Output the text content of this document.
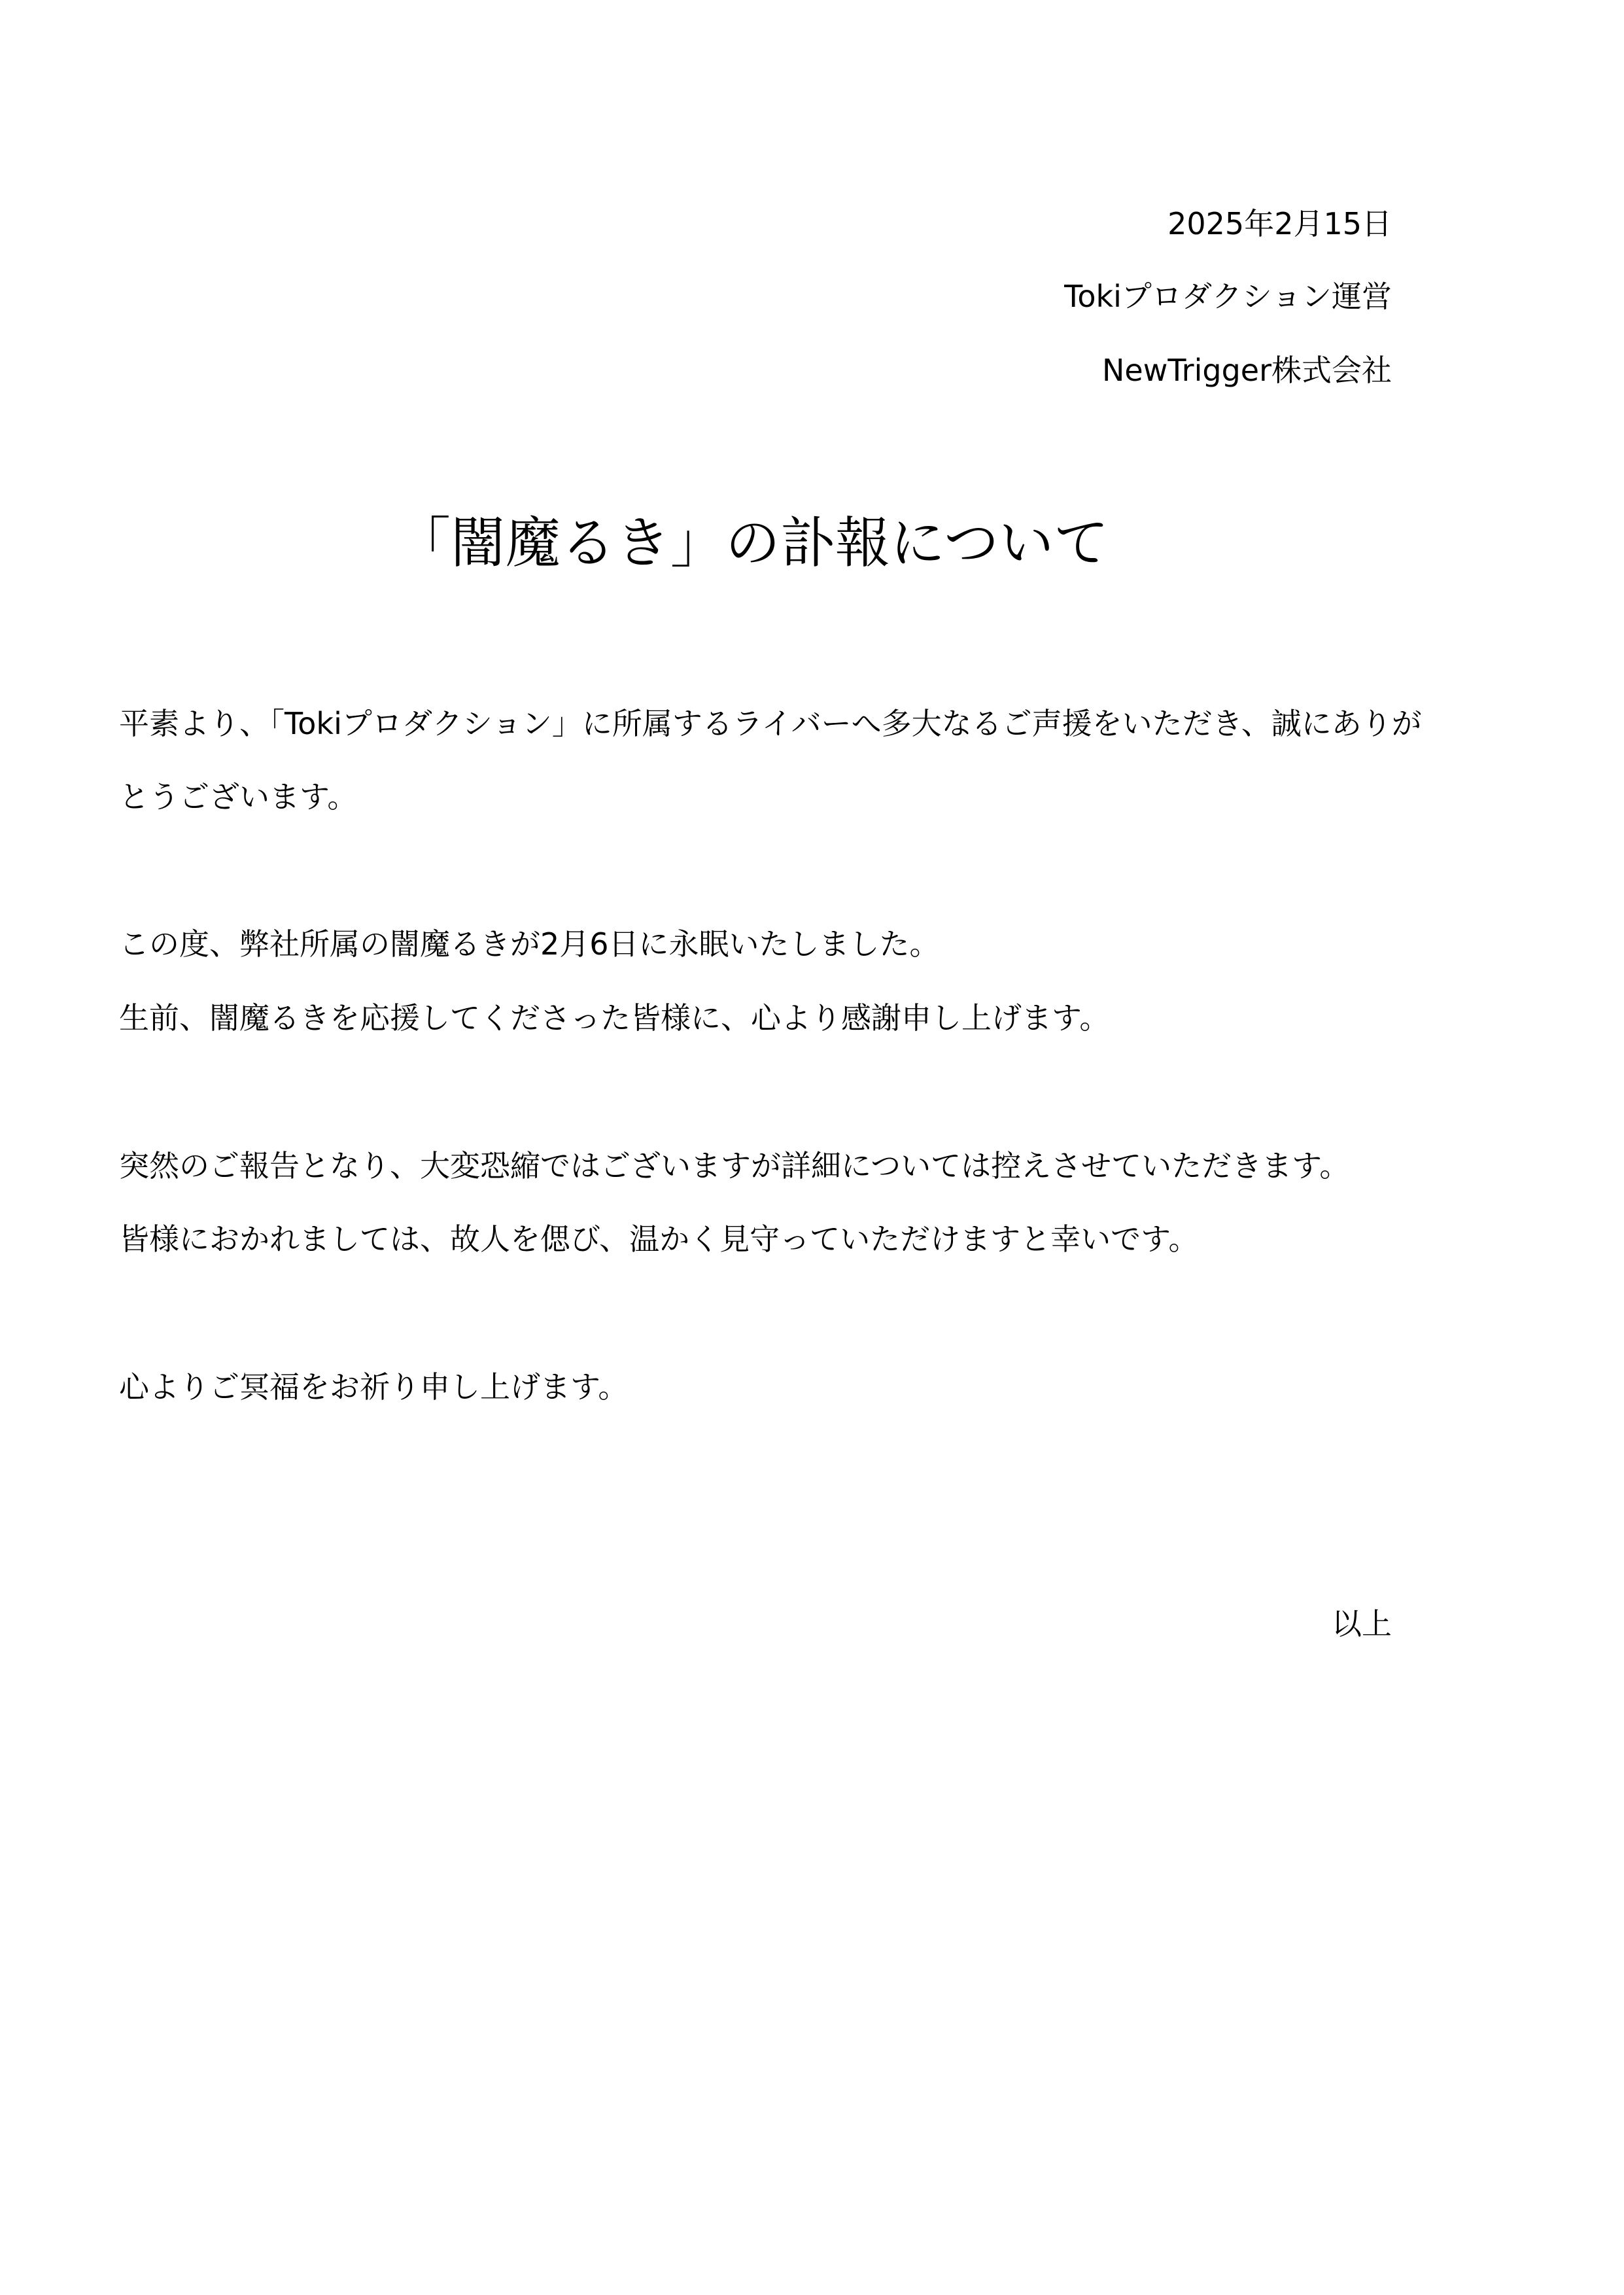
2025年2月15日
Tokiプロダクション運営
NewTrigger株式会社
「闇魔るき」の訃報について
平素より、「Tokiプロダクション」に所属するライバーへ多大なるご声援をいただき、誠にありが
とうございます。
この度、弊社所属の闇魔るきが2月6日に永眠いたしました。
生前、闇魔るきを応援してくださった皆様に、心より感謝申し上げます。
突然のご報告となり、大変恐縮ではございますが詳細については控えさせていただきます。
皆様におかれましては、故人を偲び、温かく見守っていただけますと幸いです。
心よりご冥福をお祈り申し上げます。
以上
